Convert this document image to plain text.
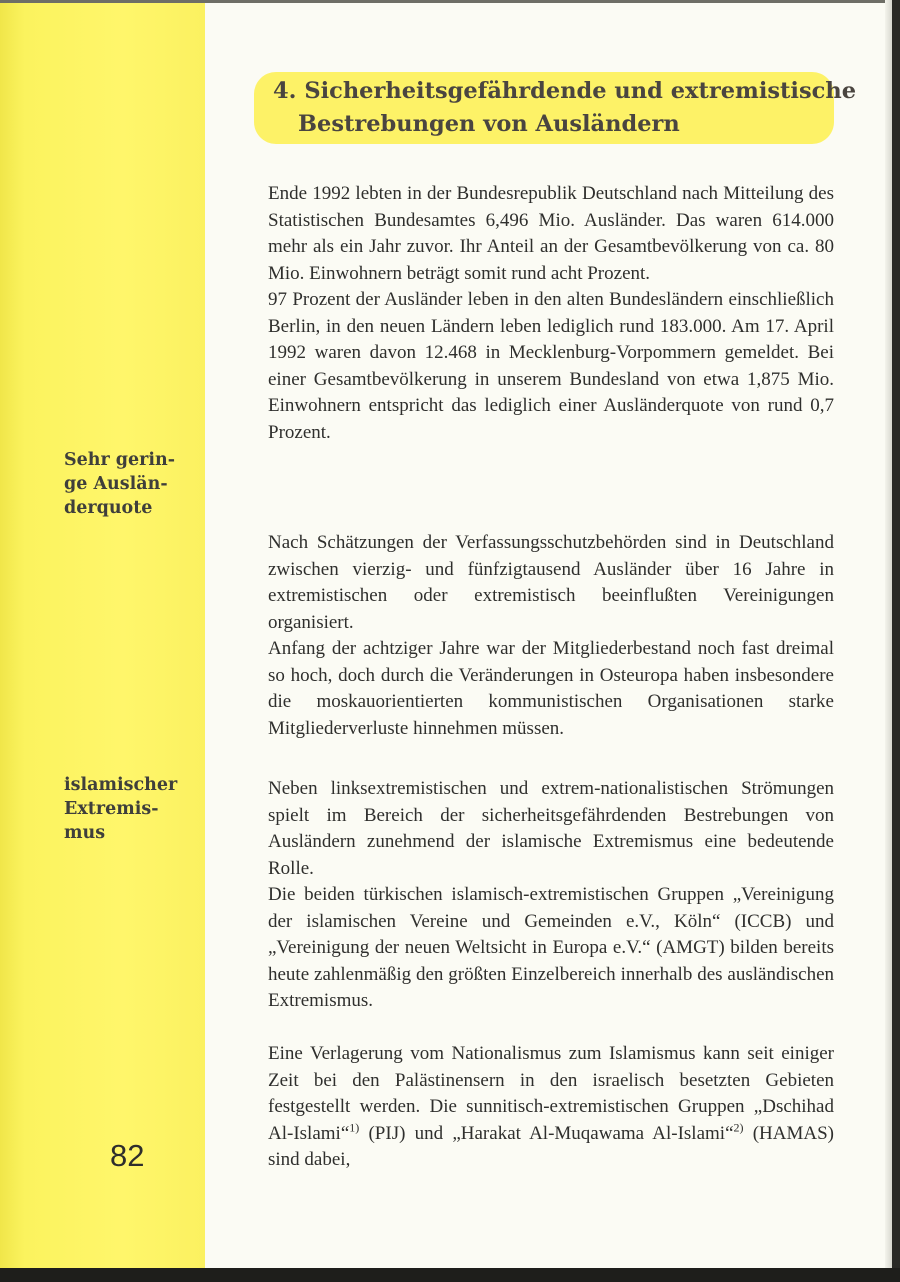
4. Sicherheitsgefährdende und extremistische
Bestrebungen von Ausländern
Sehr gerin-
ge Auslän-
derquote
islamischer
Extremis-
mus
82

Ende 1992 lebten in der Bundesrepublik Deutschland nach Mitteilung des Statistischen Bundesamtes 6,496 Mio. Ausländer. Das waren 614.000 mehr als ein Jahr zuvor. Ihr Anteil an der Gesamtbevölkerung von ca. 80 Mio. Einwohnern beträgt somit rund acht Prozent.

97 Prozent der Ausländer leben in den alten Bundesländern einschließlich Berlin, in den neuen Ländern leben lediglich rund 183.000. Am 17. April 1992 waren davon 12.468 in Mecklenburg-Vorpommern gemeldet. Bei einer Gesamtbevölkerung in unserem Bundesland von etwa 1,875 Mio. Einwohnern entspricht das lediglich einer Ausländerquote von rund 0,7 Prozent.

Nach Schätzungen der Verfassungsschutzbehörden sind in Deutschland zwischen vierzig- und fünfzigtausend Ausländer über 16 Jahre in extremistischen oder extremistisch beeinflußten Vereinigungen organisiert.

Anfang der achtziger Jahre war der Mitgliederbestand noch fast dreimal so hoch, doch durch die Veränderungen in Osteuropa haben insbesondere die moskauorientierten kommunistischen Organisationen starke Mitgliederverluste hinnehmen müssen.

Neben linksextremistischen und extrem-nationalistischen Strömungen spielt im Bereich der sicherheitsgefährdenden Bestrebungen von Ausländern zunehmend der islamische Extremismus eine bedeutende Rolle.

Die beiden türkischen islamisch-extremistischen Gruppen „Vereinigung der islamischen Vereine und Gemeinden e.V., Köln“ (ICCB) und „Vereinigung der neuen Weltsicht in Europa e.V.“ (AMGT) bilden bereits heute zahlenmäßig den größten Einzelbereich innerhalb des ausländischen Extremismus.

Eine Verlagerung vom Nationalismus zum Islamismus kann seit einiger Zeit bei den Palästinensern in den israelisch besetzten Gebieten festgestellt werden. Die sunnitisch-extremistischen Gruppen „Dschihad Al-Islami“$^{1)}$ (PIJ) und „Harakat Al-Muqawama Al-Islami“$^{2)}$ (HAMAS) sind dabei,
